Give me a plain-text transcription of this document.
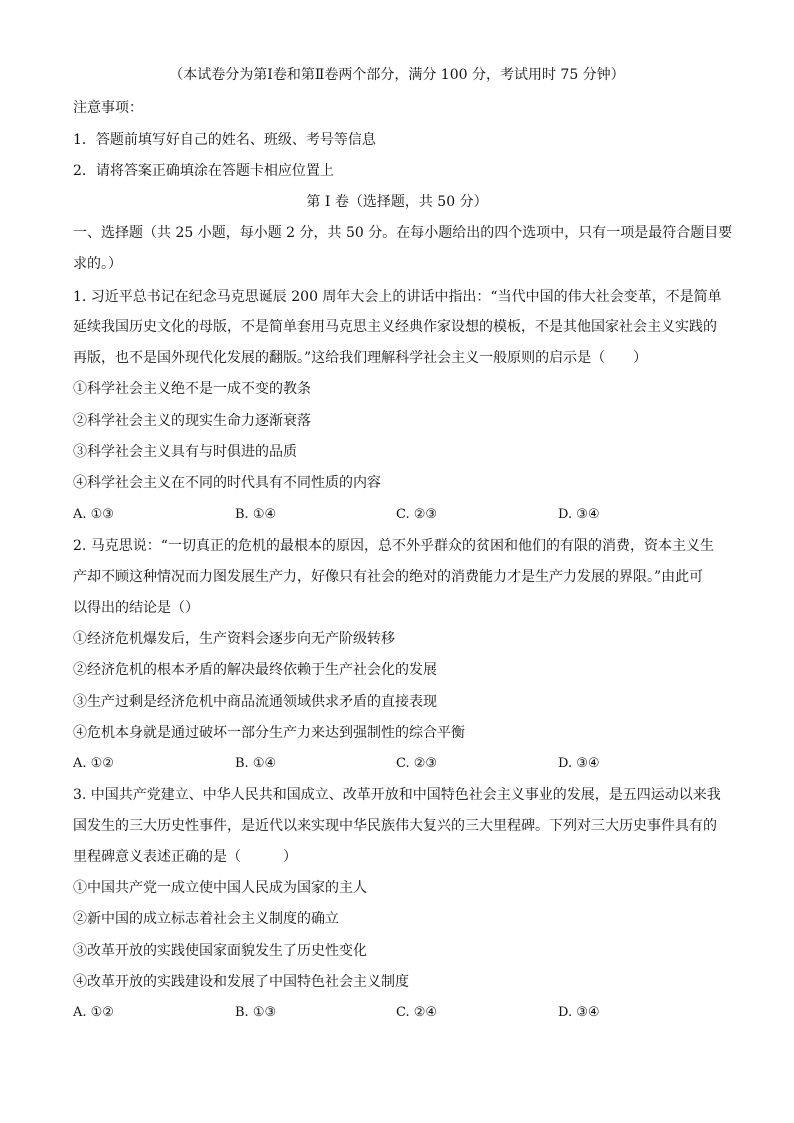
（本试卷分为第Ⅰ卷和第Ⅱ卷两个部分，满分 100 分，考试用时 75 分钟）
注意事项：
1．答题前填写好自己的姓名、班级、考号等信息
2．请将答案正确填涂在答题卡相应位置上
第 I 卷（选择题，共 50 分）
一、选择题（共 25 小题，每小题 2 分，共 50 分。在每小题给出的四个选项中，只有一项是最符合题目要
求的。）
1. 习近平总书记在纪念马克思诞辰 200 周年大会上的讲话中指出：“当代中国的伟大社会变革，不是简单
延续我国历史文化的母版，不是简单套用马克思主义经典作家设想的模板，不是其他国家社会主义实践的
再版，也不是国外现代化发展的翻版。”这给我们理解科学社会主义一般原则的启示是（　　）
①科学社会主义绝不是一成不变的教条
②科学社会主义的现实生命力逐渐衰落
③科学社会主义具有与时俱进的品质
④科学社会主义在不同的时代具有不同性质的内容
A. ①③	B. ①④	C. ②③	D. ③④
2. 马克思说：“一切真正的危机的最根本的原因，总不外乎群众的贫困和他们的有限的消费，资本主义生
产却不顾这种情况而力图发展生产力，好像只有社会的绝对的消费能力才是生产力发展的界限。”由此可
以得出的结论是（）
①经济危机爆发后，生产资料会逐步向无产阶级转移
②经济危机的根本矛盾的解决最终依赖于生产社会化的发展
③生产过剩是经济危机中商品流通领域供求矛盾的直接表现
④危机本身就是通过破坏一部分生产力来达到强制性的综合平衡
A. ①②	B. ①④	C. ②③	D. ③④
3. 中国共产党建立、中华人民共和国成立、改革开放和中国特色社会主义事业的发展，是五四运动以来我
国发生的三大历史性事件，是近代以来实现中华民族伟大复兴的三大里程碑。下列对三大历史事件具有的
里程碑意义表述正确的是（　　　）
①中国共产党一成立使中国人民成为国家的主人
②新中国的成立标志着社会主义制度的确立
③改革开放的实践使国家面貌发生了历史性变化
④改革开放的实践建设和发展了中国特色社会主义制度
A. ①②	B. ①③	C. ②④	D. ③④
